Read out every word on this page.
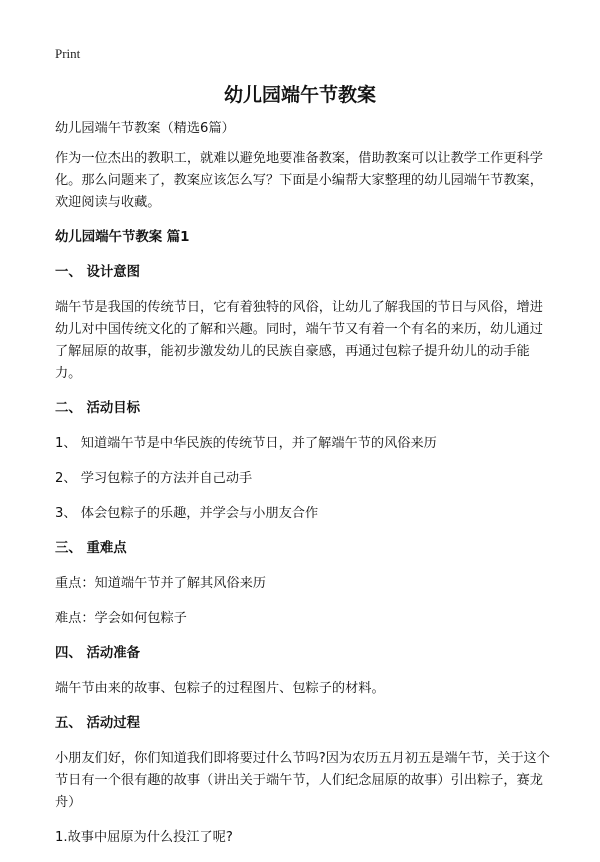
Print
幼儿园端午节教案

幼儿园端午节教案（精选6篇）

作为一位杰出的教职工，就难以避免地要准备教案，借助教案可以让教学工作更科学化。那么问题来了，教案应该怎么写？下面是小编帮大家整理的幼儿园端午节教案，欢迎阅读与收藏。

幼儿园端午节教案 篇1

一、 设计意图

端午节是我国的传统节日，它有着独特的风俗，让幼儿了解我国的节日与风俗，增进幼儿对中国传统文化的了解和兴趣。同时，端午节又有着一个有名的来历，幼儿通过了解屈原的故事，能初步激发幼儿的民族自豪感，再通过包粽子提升幼儿的动手能力。

二、 活动目标

1、 知道端午节是中华民族的传统节日，并了解端午节的风俗来历

2、 学习包粽子的方法并自己动手

3、 体会包粽子的乐趣，并学会与小朋友合作

三、 重难点

重点：知道端午节并了解其风俗来历

难点：学会如何包粽子

四、 活动准备

端午节由来的故事、包粽子的过程图片、包粽子的材料。

五、 活动过程

小朋友们好，你们知道我们即将要过什么节吗?因为农历五月初五是端午节，关于这个节日有一个很有趣的故事（讲出关于端午节，人们纪念屈原的故事）引出粽子，赛龙舟）

1.故事中屈原为什么投江了呢?
